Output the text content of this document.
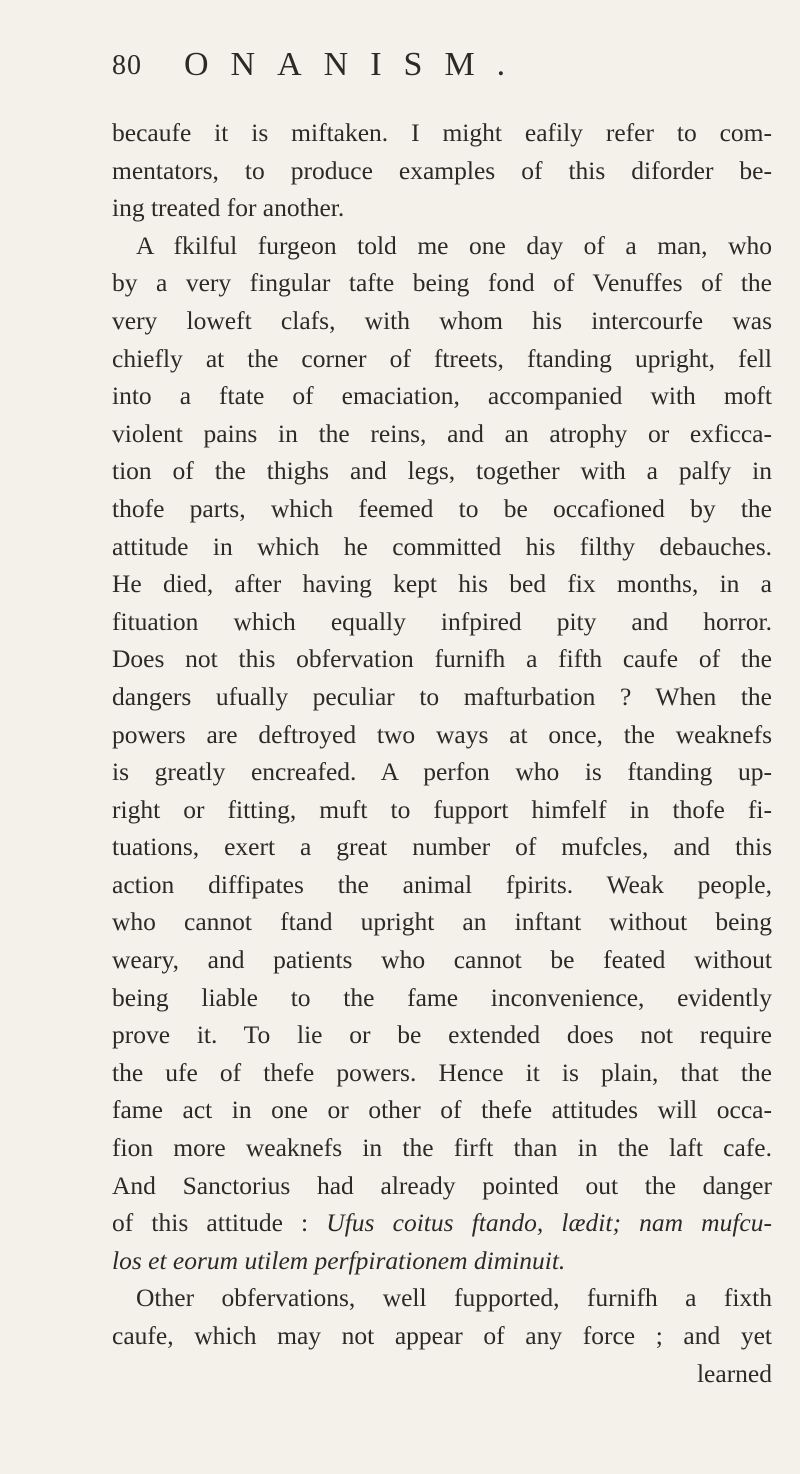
80 ONANISM.
becaufe it is miftaken. I might eafily refer to com-
mentators, to produce examples of this diforder be-
ing treated for another.
A fkilful furgeon told me one day of a man, who
by a very fingular tafte being fond of Venuffes of the
very loweft clafs, with whom his intercourfe was
chiefly at the corner of ftreets, ftanding upright, fell
into a ftate of emaciation, accompanied with moft
violent pains in the reins, and an atrophy or exficca-
tion of the thighs and legs, together with a palfy in
thofe parts, which feemed to be occafioned by the
attitude in which he committed his filthy debauches.
He died, after having kept his bed fix months, in a
fituation which equally infpired pity and horror.
Does not this obfervation furnifh a fifth caufe of the
dangers ufually peculiar to mafturbation ? When the
powers are deftroyed two ways at once, the weaknefs
is greatly encreafed. A perfon who is ftanding up-
right or fitting, muft to fupport himfelf in thofe fi-
tuations, exert a great number of mufcles, and this
action diffipates the animal fpirits. Weak people,
who cannot ftand upright an inftant without being
weary, and patients who cannot be feated without
being liable to the fame inconvenience, evidently
prove it. To lie or be extended does not require
the ufe of thefe powers. Hence it is plain, that the
fame act in one or other of thefe attitudes will occa-
fion more weaknefs in the firft than in the laft cafe.
And Sanctorius had already pointed out the danger
of this attitude : Ufus coitus ftando, lædit; nam mufcu-
los et eorum utilem perfpirationem diminuit.
Other obfervations, well fupported, furnifh a fixth
caufe, which may not appear of any force ; and yet
learned
